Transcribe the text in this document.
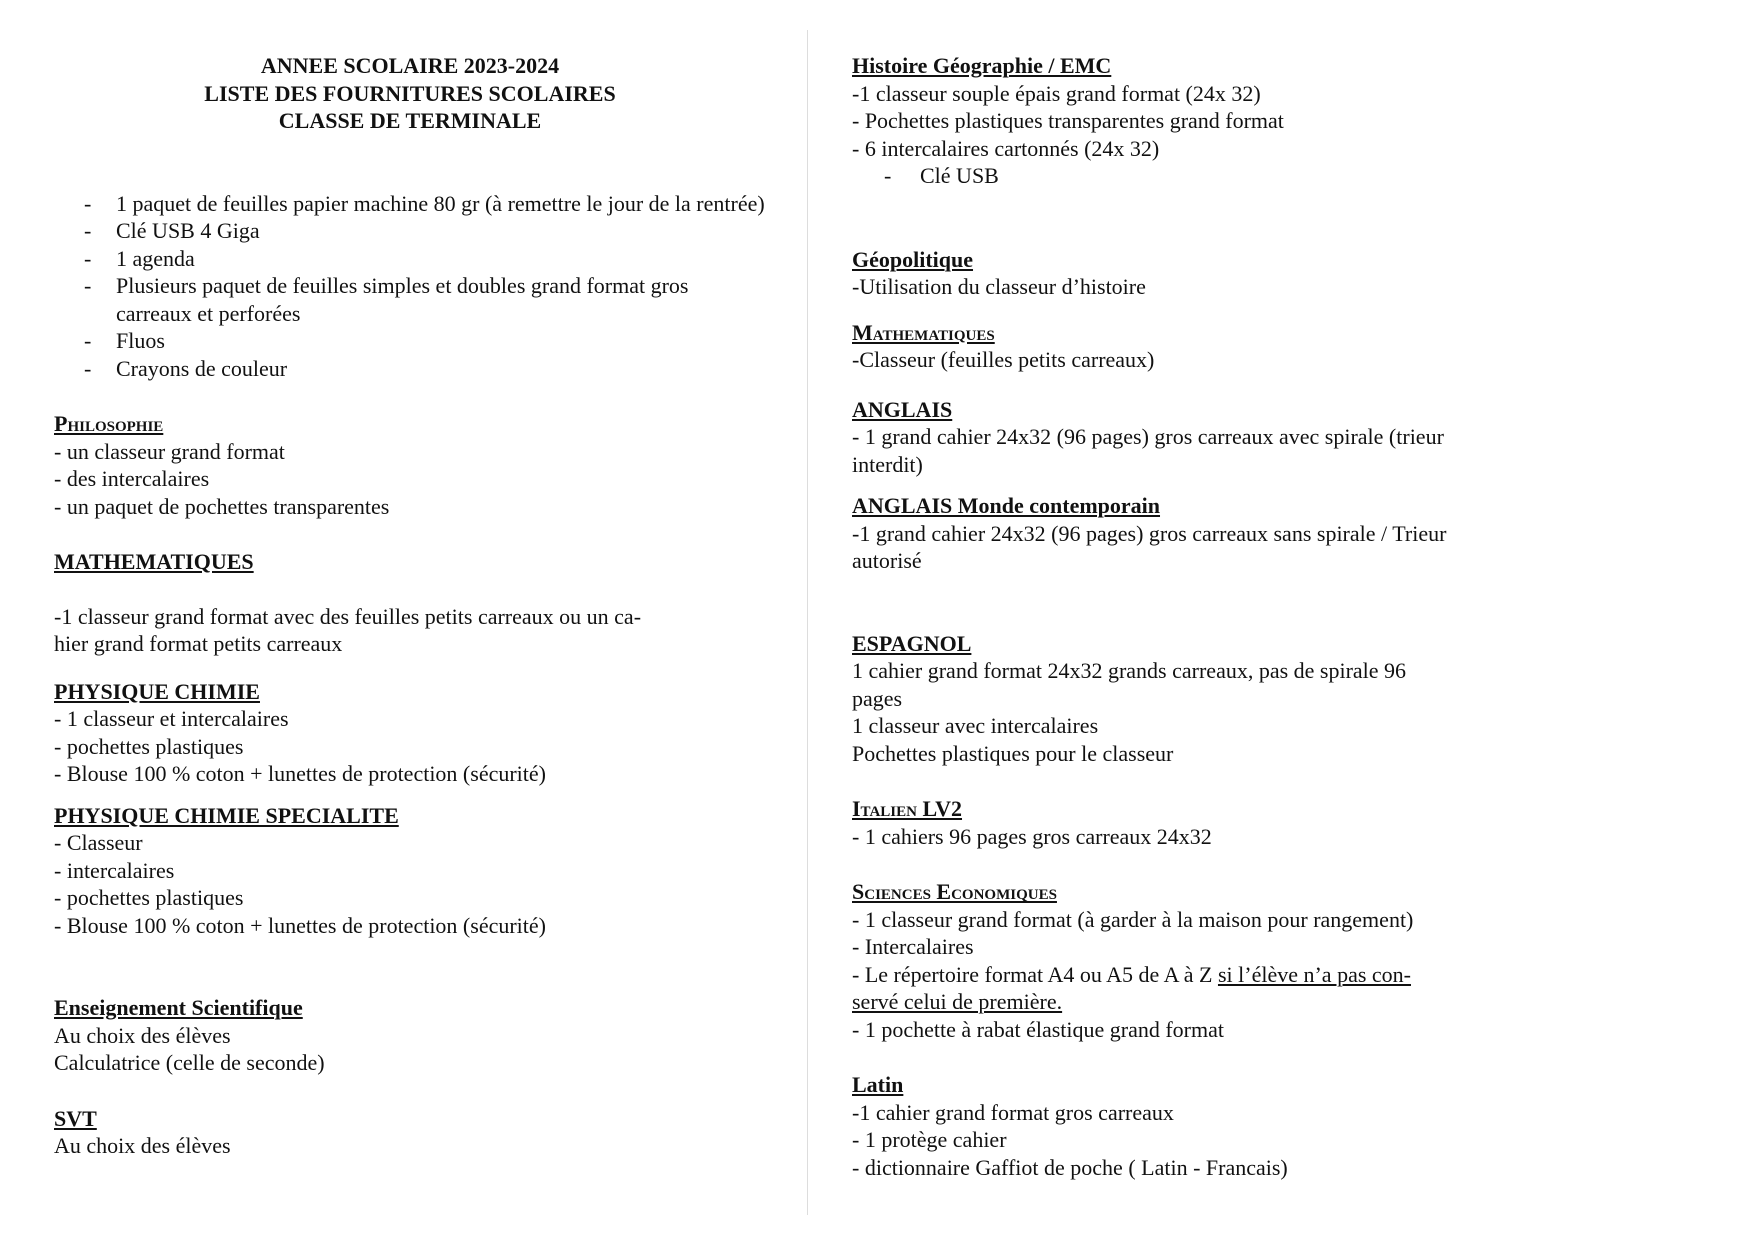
ANNEE SCOLAIRE 2023-2024
LISTE DES FOURNITURES SCOLAIRES
CLASSE DE TERMINALE
- 1 paquet de feuilles papier machine 80 gr (à remettre le jour de la rentrée)
- Clé USB 4 Giga
- 1 agenda
- Plusieurs paquet de feuilles simples et doubles grand format gros carreaux et perforées
- Fluos
- Crayons de couleur
Philosophie
- un classeur grand format
- des intercalaires
- un paquet de pochettes transparentes
MATHEMATIQUES
-1 classeur grand format avec des feuilles petits carreaux ou un ca-
hier grand format petits carreaux
PHYSIQUE CHIMIE
- 1 classeur et intercalaires
- pochettes plastiques
- Blouse 100 % coton + lunettes de protection (sécurité)
PHYSIQUE CHIMIE SPECIALITE
- Classeur
- intercalaires
- pochettes plastiques
- Blouse 100 % coton + lunettes de protection (sécurité)
Enseignement Scientifique
Au choix des élèves
Calculatrice (celle de seconde)
SVT
Au choix des élèves
Histoire Géographie / EMC
-1 classeur souple épais grand format (24x 32)
- Pochettes plastiques transparentes grand format
- 6 intercalaires cartonnés (24x 32)
- Clé USB
Géopolitique
-Utilisation du classeur d’histoire
Mathematiques
-Classeur (feuilles petits carreaux)
ANGLAIS
- 1 grand cahier 24x32 (96 pages) gros carreaux avec spirale (trieur
interdit)
ANGLAIS Monde contemporain
-1 grand cahier 24x32 (96 pages) gros carreaux sans spirale / Trieur
autorisé
ESPAGNOL
1 cahier grand format 24x32 grands carreaux, pas de spirale 96
pages
1 classeur avec intercalaires
Pochettes plastiques pour le classeur
Italien LV2
- 1 cahiers 96 pages gros carreaux 24x32
Sciences Economiques
- 1 classeur grand format (à garder à la maison pour rangement)
- Intercalaires
- Le répertoire format A4 ou A5 de A à Z si l’élève n’a pas con-
servé celui de première.
- 1 pochette à rabat élastique grand format
Latin
-1 cahier grand format gros carreaux
- 1 protège cahier
- dictionnaire Gaffiot de poche ( Latin - Francais)
